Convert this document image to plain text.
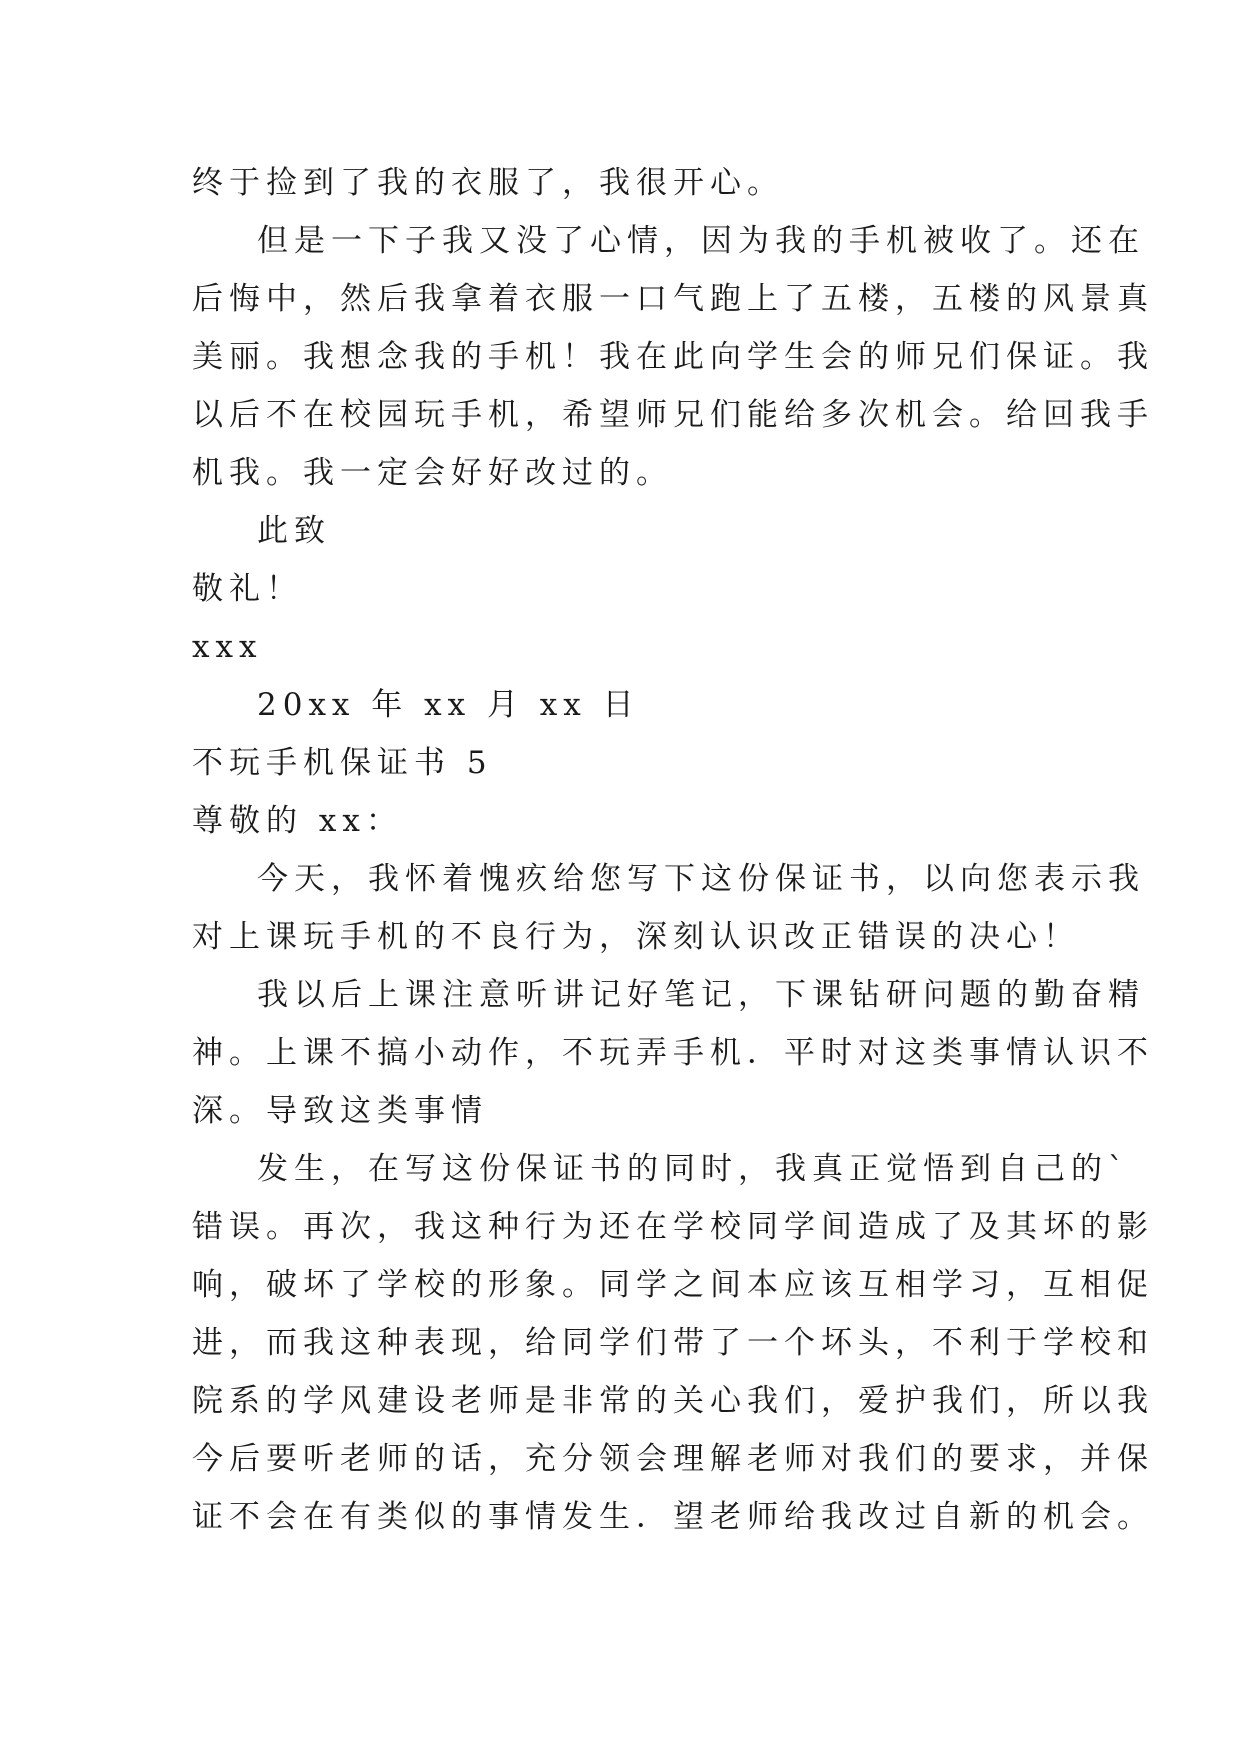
终于捡到了我的衣服了，我很开心。

但是一下子我又没了心情，因为我的手机被收了。还在

后悔中，然后我拿着衣服一口气跑上了五楼，五楼的风景真

美丽。我想念我的手机！我在此向学生会的师兄们保证。我

以后不在校园玩手机，希望师兄们能给多次机会。给回我手

机我。我一定会好好改过的。

此致

敬礼！

xxx

20xx 年 xx 月 xx 日

不玩手机保证书 5

尊敬的 xx：

今天，我怀着愧疚给您写下这份保证书，以向您表示我

对上课玩手机的不良行为，深刻认识改正错误的决心！

我以后上课注意听讲记好笔记，下课钻研问题的勤奋精

神。上课不搞小动作，不玩弄手机．平时对这类事情认识不

深。导致这类事情

发生，在写这份保证书的同时，我真正觉悟到自己的`

错误。再次，我这种行为还在学校同学间造成了及其坏的影

响，破坏了学校的形象。同学之间本应该互相学习，互相促

进，而我这种表现，给同学们带了一个坏头，不利于学校和

院系的学风建设老师是非常的关心我们，爱护我们，所以我

今后要听老师的话，充分领会理解老师对我们的要求，并保

证不会在有类似的事情发生．望老师给我改过自新的机会。
